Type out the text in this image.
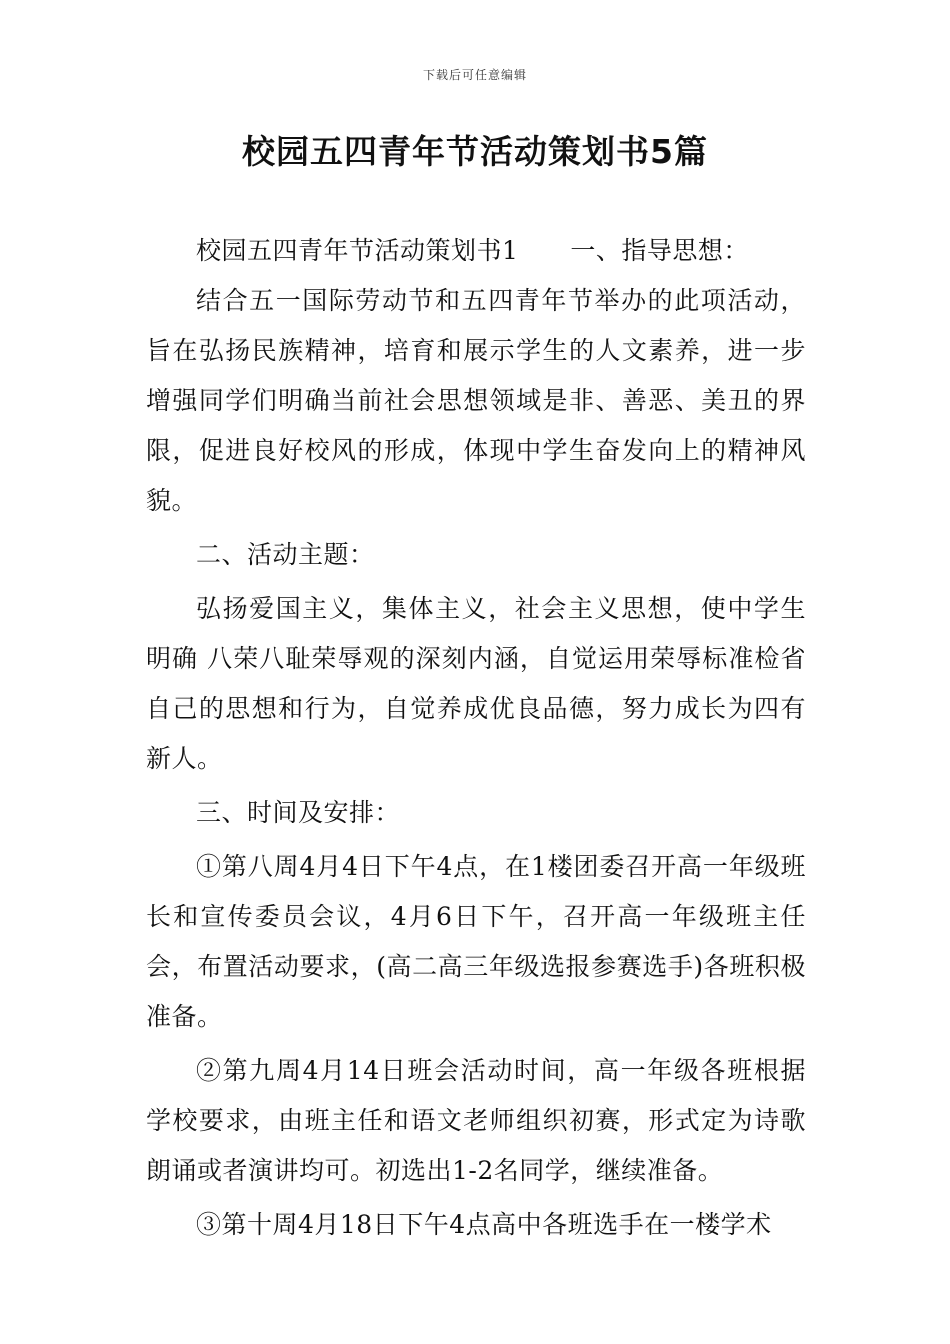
下载后可任意编辑
校园五四青年节活动策划书5篇

校园五四青年节活动策划书1 一、指导思想：

结合五一国际劳动节和五四青年节举办的此项活动，旨在弘扬民族精神，培育和展示学生的人文素养，进一步增强同学们明确当前社会思想领域是非、善恶、美丑的界限，促进良好校风的形成，体现中学生奋发向上的精神风貌。

二、活动主题：

弘扬爱国主义，集体主义，社会主义思想，使中学生明确 八荣八耻荣辱观的深刻内涵，自觉运用荣辱标准检省自己的思想和行为，自觉养成优良品德，努力成长为四有新人。

三、时间及安排：

①第八周4月4日下午4点，在1楼团委召开高一年级班长和宣传委员会议，4月6日下午，召开高一年级班主任会，布置活动要求，(高二高三年级选报参赛选手)各班积极准备。

②第九周4月14日班会活动时间，高一年级各班根据学校要求，由班主任和语文老师组织初赛，形式定为诗歌朗诵或者演讲均可。初选出1-2名同学，继续准备。

③第十周4月18日下午4点高中各班选手在一楼学术
